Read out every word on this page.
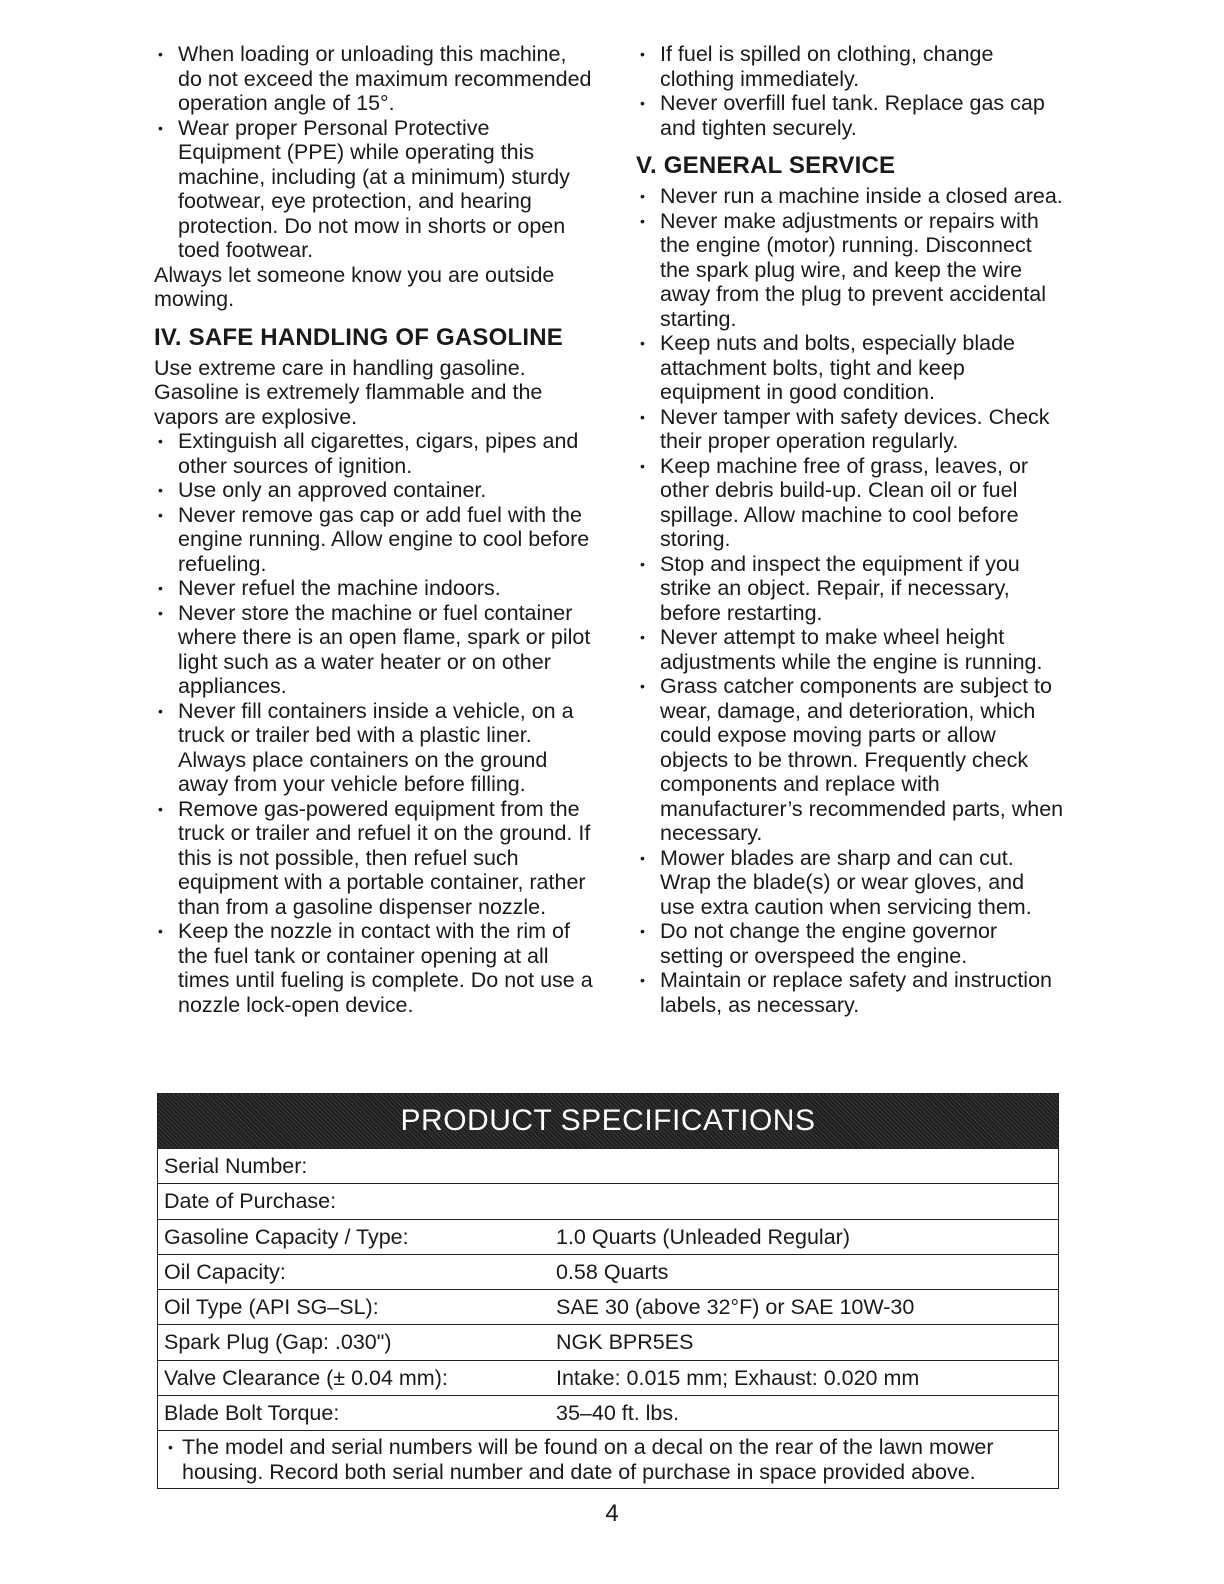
• When loading or unloading this machine, do not exceed the maximum recommended operation angle of 15°.
• Wear proper Personal Protective Equipment (PPE) while operating this machine, including (at a minimum) sturdy footwear, eye protection, and hearing protection. Do not mow in shorts or open toed footwear.

Always let someone know you are outside mowing.

IV. SAFE HANDLING OF GASOLINE

Use extreme care in handling gasoline. Gasoline is extremely flammable and the vapors are explosive.

• Extinguish all cigarettes, cigars, pipes and other sources of ignition.
• Use only an approved container.
• Never remove gas cap or add fuel with the engine running. Allow engine to cool before refueling.
• Never refuel the machine indoors.
• Never store the machine or fuel container where there is an open flame, spark or pilot light such as a water heater or on other appliances.
• Never fill containers inside a vehicle, on a truck or trailer bed with a plastic liner. Always place containers on the ground away from your vehicle before filling.
• Remove gas-powered equipment from the truck or trailer and refuel it on the ground. If this is not possible, then refuel such equipment with a portable container, rather than from a gasoline dispenser nozzle.
• Keep the nozzle in contact with the rim of the fuel tank or container opening at all times until fueling is complete. Do not use a nozzle lock-open device.
• If fuel is spilled on clothing, change clothing immediately.
• Never overfill fuel tank. Replace gas cap and tighten securely.
V. GENERAL SERVICE
• Never run a machine inside a closed area.
• Never make adjustments or repairs with the engine (motor) running. Disconnect the spark plug wire, and keep the wire away from the plug to prevent accidental starting.
• Keep nuts and bolts, especially blade attachment bolts, tight and keep equipment in good condition.
• Never tamper with safety devices. Check their proper operation regularly.
• Keep machine free of grass, leaves, or other debris build-up. Clean oil or fuel spillage. Allow machine to cool before storing.
• Stop and inspect the equipment if you strike an object. Repair, if necessary, before restarting.
• Never attempt to make wheel height adjustments while the engine is running.
• Grass catcher components are subject to wear, damage, and deterioration, which could expose moving parts or allow objects to be thrown. Frequently check components and replace with manufacturer’s recommended parts, when necessary.
• Mower blades are sharp and can cut. Wrap the blade(s) or wear gloves, and use extra caution when servicing them.
• Do not change the engine governor setting or overspeed the engine.
• Maintain or replace safety and instruction labels, as necessary.
PRODUCT SPECIFICATIONS
Serial Number:
Date of Purchase:
Gasoline Capacity / Type:	1.0 Quarts (Unleaded Regular)
Oil Capacity:	0.58 Quarts
Oil Type (API SG–SL):	SAE 30 (above 32°F) or SAE 10W-30
Spark Plug (Gap: .030")	NGK BPR5ES
Valve Clearance (± 0.04 mm):	Intake: 0.015 mm; Exhaust: 0.020 mm
Blade Bolt Torque:	35–40 ft. lbs.
• The model and serial numbers will be found on a decal on the rear of the lawn mower housing. Record both serial number and date of purchase in space provided above.
4
